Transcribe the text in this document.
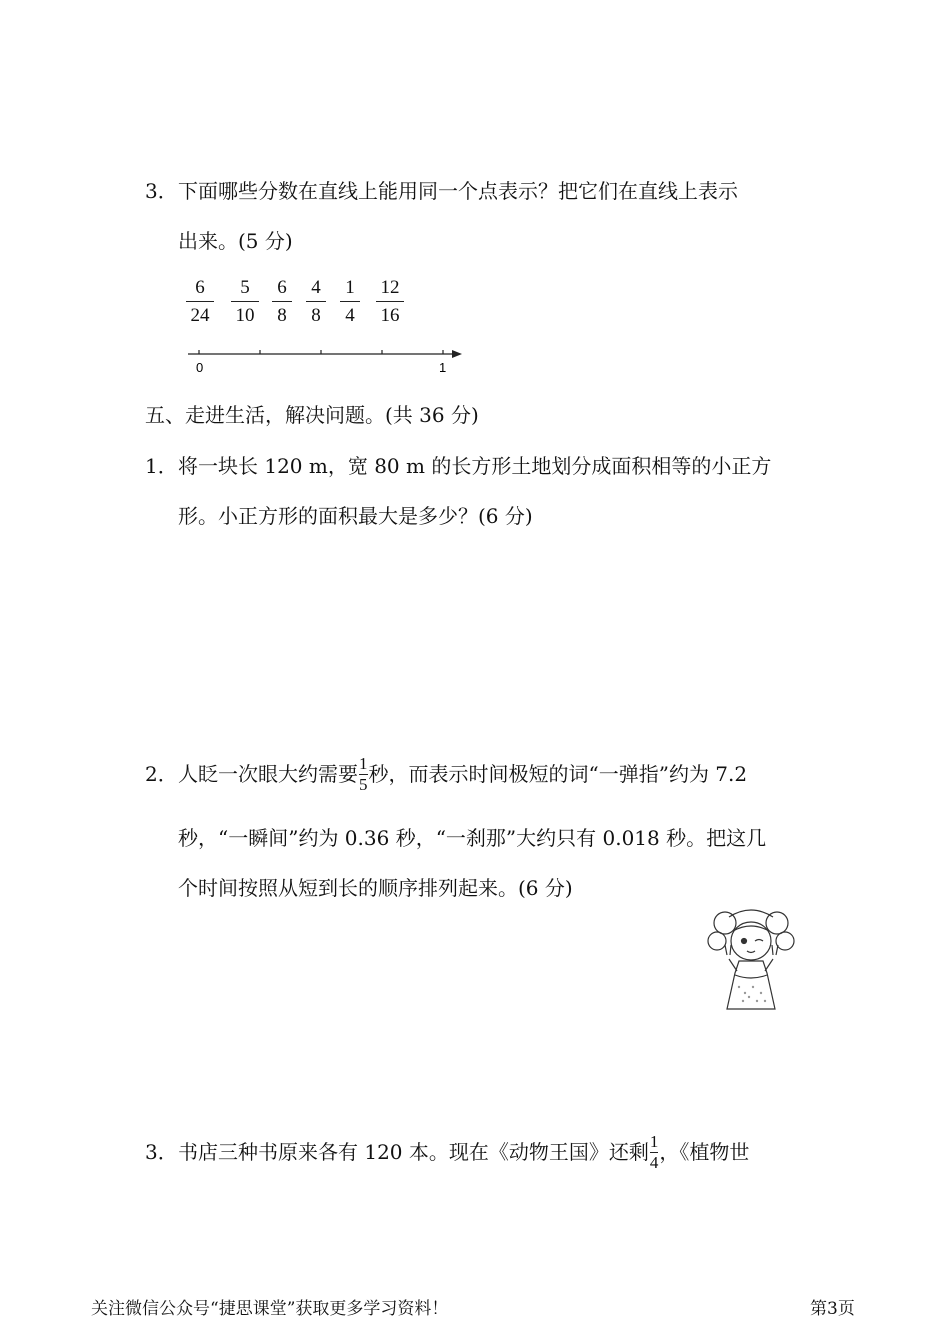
3． 下面哪些分数在直线上能用同一个点表示？把它们在直线上表示
出来。(5 分)
6
24
5
10
6
8
4
8
1
4
12
16
0	1
五、走进生活，解决问题。(共 36 分)
1． 将一块长 120 m，宽 80 m 的长方形土地划分成面积相等的小正方
形。小正方形的面积最大是多少？(6 分)
2． 人眨一次眼大约需要 $\frac{1}{5}$ 秒，而表示时间极短的词“一弹指”约为 7.2
秒，“一瞬间”约为 0.36 秒，“一刹那”大约只有 0.018 秒。把这几
个时间按照从短到长的顺序排列起来。(6 分)
3． 书店三种书原来各有 120 本。现在《动物王国》还剩 $\frac{1}{4}$ ，《植物世
关注微信公众号“捷思课堂”获取更多学习资料！	第3页
